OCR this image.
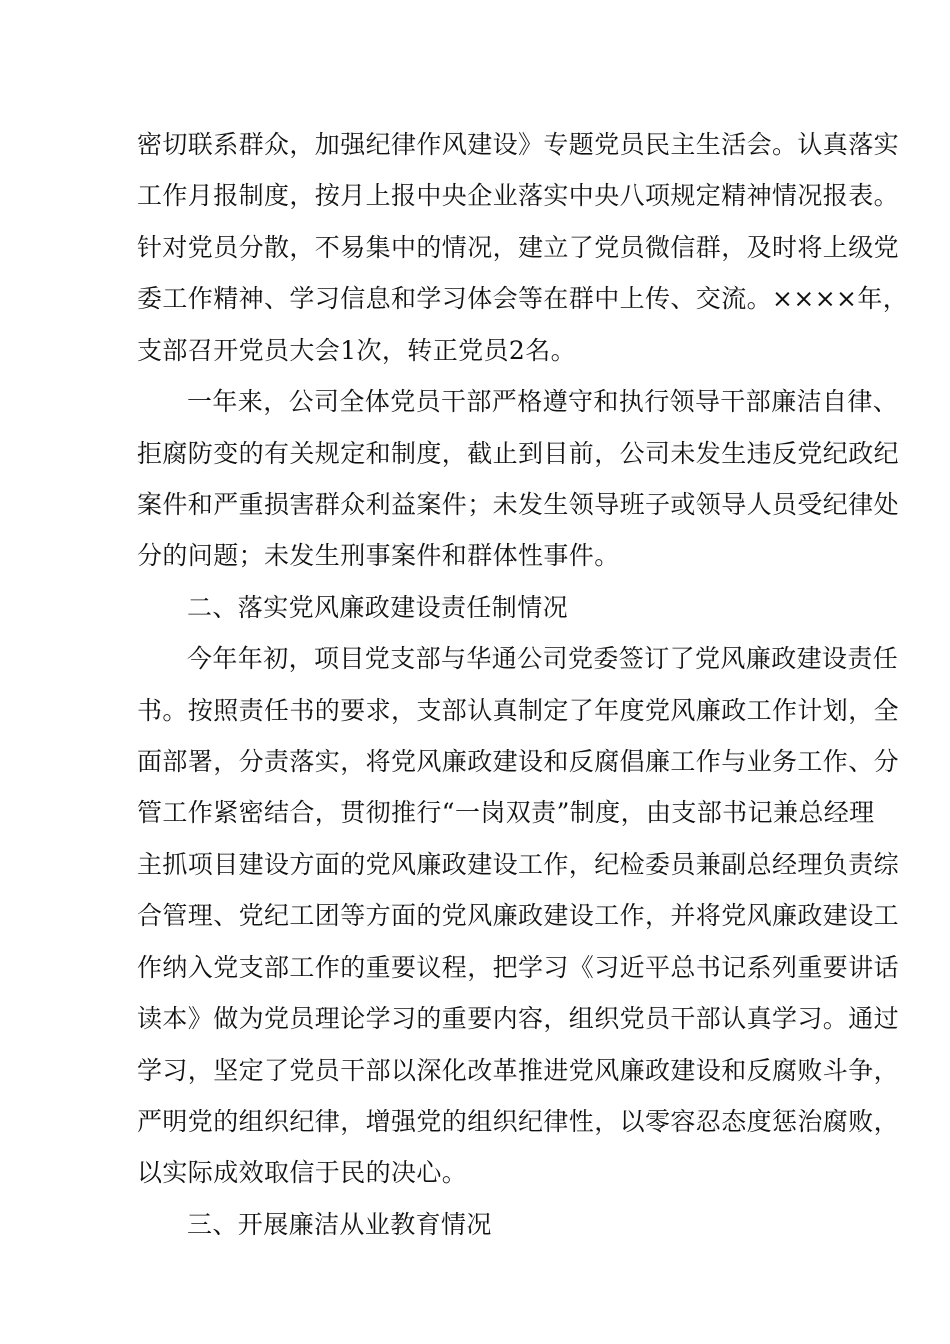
密切联系群众，加强纪律作风建设》专题党员民主生活会。认真落实
工作月报制度，按月上报中央企业落实中央八项规定精神情况报表。
针对党员分散，不易集中的情况，建立了党员微信群，及时将上级党
委工作精神、学习信息和学习体会等在群中上传、交流。××××年，
支部召开党员大会1次，转正党员2名。
一年来，公司全体党员干部严格遵守和执行领导干部廉洁自律、
拒腐防变的有关规定和制度，截止到目前，公司未发生违反党纪政纪
案件和严重损害群众利益案件；未发生领导班子或领导人员受纪律处
分的问题；未发生刑事案件和群体性事件。
二、落实党风廉政建设责任制情况
今年年初，项目党支部与华通公司党委签订了党风廉政建设责任
书。按照责任书的要求，支部认真制定了年度党风廉政工作计划，全
面部署，分责落实，将党风廉政建设和反腐倡廉工作与业务工作、分
管工作紧密结合，贯彻推行“一岗双责”制度，由支部书记兼总经理
主抓项目建设方面的党风廉政建设工作，纪检委员兼副总经理负责综
合管理、党纪工团等方面的党风廉政建设工作，并将党风廉政建设工
作纳入党支部工作的重要议程，把学习《习近平总书记系列重要讲话
读本》做为党员理论学习的重要内容，组织党员干部认真学习。通过
学习，坚定了党员干部以深化改革推进党风廉政建设和反腐败斗争，
严明党的组织纪律，增强党的组织纪律性，以零容忍态度惩治腐败，
以实际成效取信于民的决心。
三、开展廉洁从业教育情况
